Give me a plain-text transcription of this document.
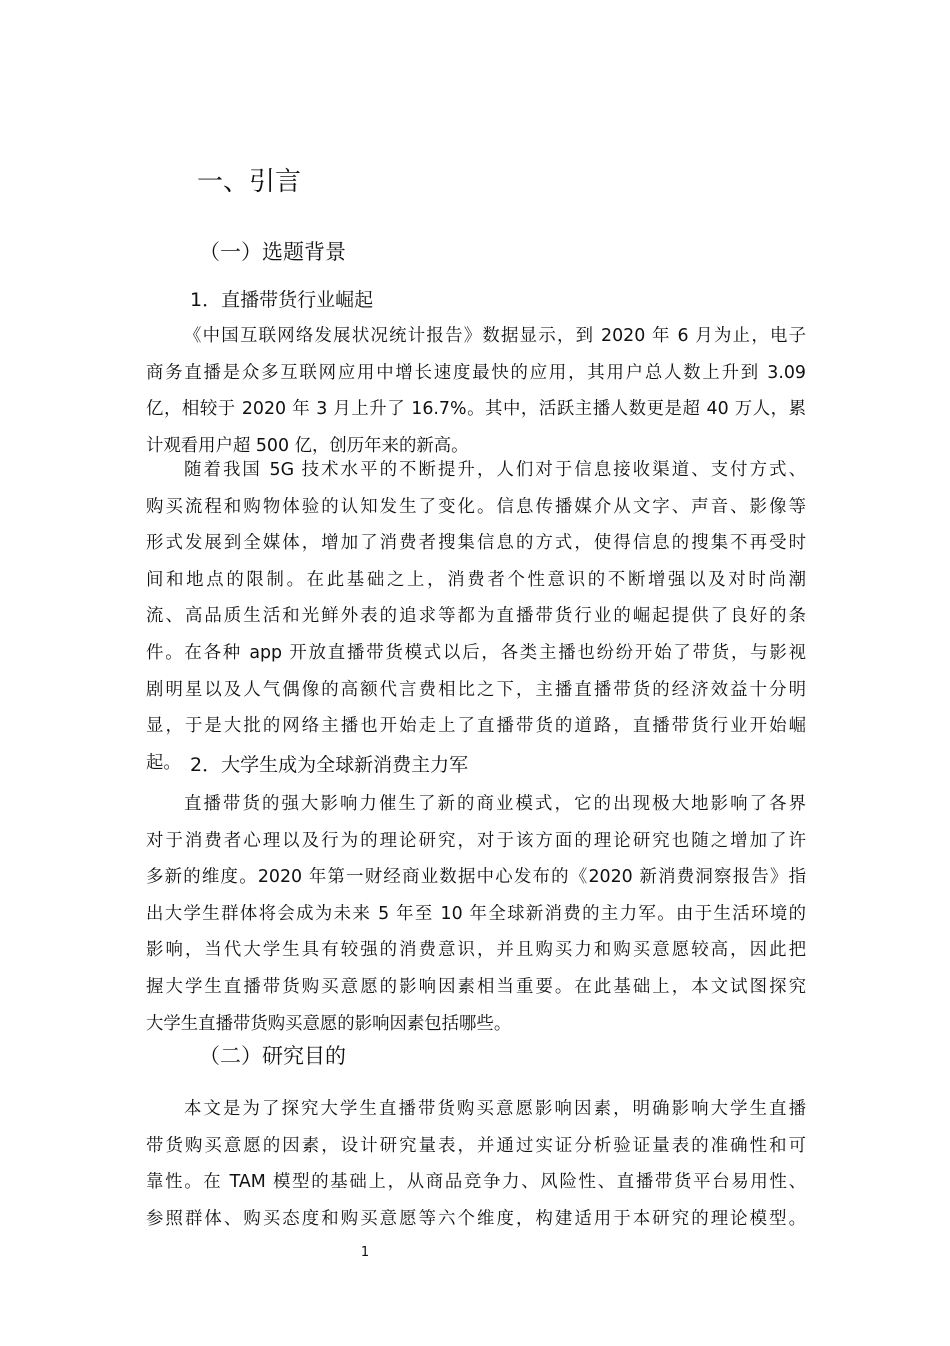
一、引言
（一）选题背景
1．直播带货行业崛起
《中国互联网络发展状况统计报告》数据显示，到 2020 年 6 月为止，电子
商务直播是众多互联网应用中增长速度最快的应用，其用户总人数上升到 3.09
亿，相较于 2020 年 3 月上升了 16.7%。其中，活跃主播人数更是超 40 万人，累
计观看用户超 500 亿，创历年来的新高。
随着我国 5G 技术水平的不断提升，人们对于信息接收渠道、支付方式、
购买流程和购物体验的认知发生了变化。信息传播媒介从文字、声音、影像等
形式发展到全媒体，增加了消费者搜集信息的方式，使得信息的搜集不再受时
间和地点的限制。在此基础之上，消费者个性意识的不断增强以及对时尚潮
流、高品质生活和光鲜外表的追求等都为直播带货行业的崛起提供了良好的条
件。在各种 app 开放直播带货模式以后，各类主播也纷纷开始了带货，与影视
剧明星以及人气偶像的高额代言费相比之下，主播直播带货的经济效益十分明
显，于是大批的网络主播也开始走上了直播带货的道路，直播带货行业开始崛
起。 2．大学生成为全球新消费主力军
直播带货的强大影响力催生了新的商业模式，它的出现极大地影响了各界
对于消费者心理以及行为的理论研究，对于该方面的理论研究也随之增加了许
多新的维度。2020 年第一财经商业数据中心发布的《2020 新消费洞察报告》指
出大学生群体将会成为未来 5 年至 10 年全球新消费的主力军。由于生活环境的
影响，当代大学生具有较强的消费意识，并且购买力和购买意愿较高，因此把
握大学生直播带货购买意愿的影响因素相当重要。在此基础上，本文试图探究
大学生直播带货购买意愿的影响因素包括哪些。
（二）研究目的
本文是为了探究大学生直播带货购买意愿影响因素，明确影响大学生直播
带货购买意愿的因素，设计研究量表，并通过实证分析验证量表的准确性和可
靠性。在 TAM 模型的基础上，从商品竞争力、风险性、直播带货平台易用性、
参照群体、购买态度和购买意愿等六个维度，构建适用于本研究的理论模型。
1
